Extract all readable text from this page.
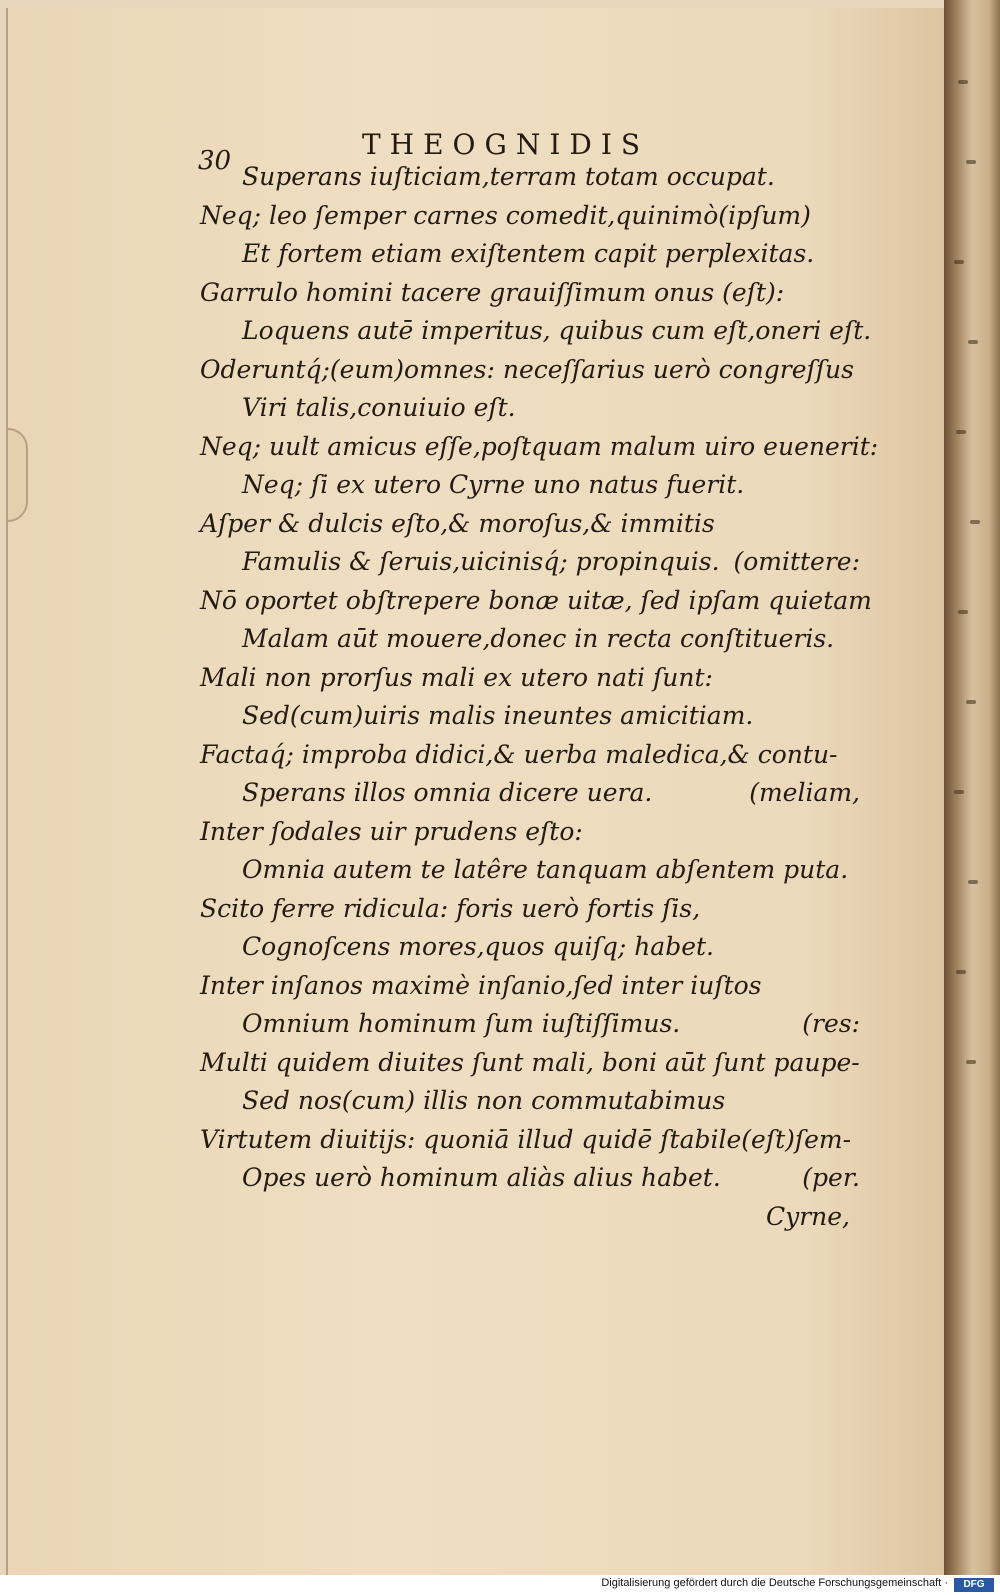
30	THEOGNIDIS
Superans iuſticiam,terram totam occupat.
Neq; leo ſemper carnes comedit,quinimò(ipſum)
Et fortem etiam exiſtentem capit perplexitas.
Garrulo homini tacere grauiſſimum onus (eſt):
Loquens autē imperitus, quibus cum eſt,oneri eſt.
Oderuntq́;(eum)omnes: neceſſarius uerò congreſſus
Viri talis,conuiuio eſt.
Neq; uult amicus eſſe,poſtquam malum uiro euenerit:
Neq; ſi ex utero Cyrne uno natus fuerit.
Aſper & dulcis eſto,& moroſus,& immitis
Famulis & ſeruis,uicinisq́; propinquis. (omittere:
Nō oportet obſtrepere bonæ uitæ, ſed ipſam quietam
Malam aūt mouere,donec in recta conſtitueris.
Mali non prorſus mali ex utero nati ſunt:
Sed(cum)uiris malis ineuntes amicitiam.
Factaq́; improba didici,& uerba maledica,& contu-
Sperans illos omnia dicere uera.	(meliam,
Inter ſodales uir prudens eſto:
Omnia autem te latêre tanquam abſentem puta.
Scito ferre ridicula: foris uerò fortis ſis,
Cognoſcens mores,quos quiſq; habet.
Inter inſanos maximè inſanio,ſed inter iuſtos
Omnium hominum ſum iuſtiſſimus.	(res:
Multi quidem diuites ſunt mali, boni aūt ſunt paupe-
Sed nos(cum) illis non commutabimus
Virtutem diuitijs: quoniā illud quidē ſtabile(eſt)ſem-
Opes uerò hominum aliàs alius habet.	(per.
Cyrne,
Digitalisierung gefördert durch die Deutsche Forschungsgemeinschaft ·	DFG
